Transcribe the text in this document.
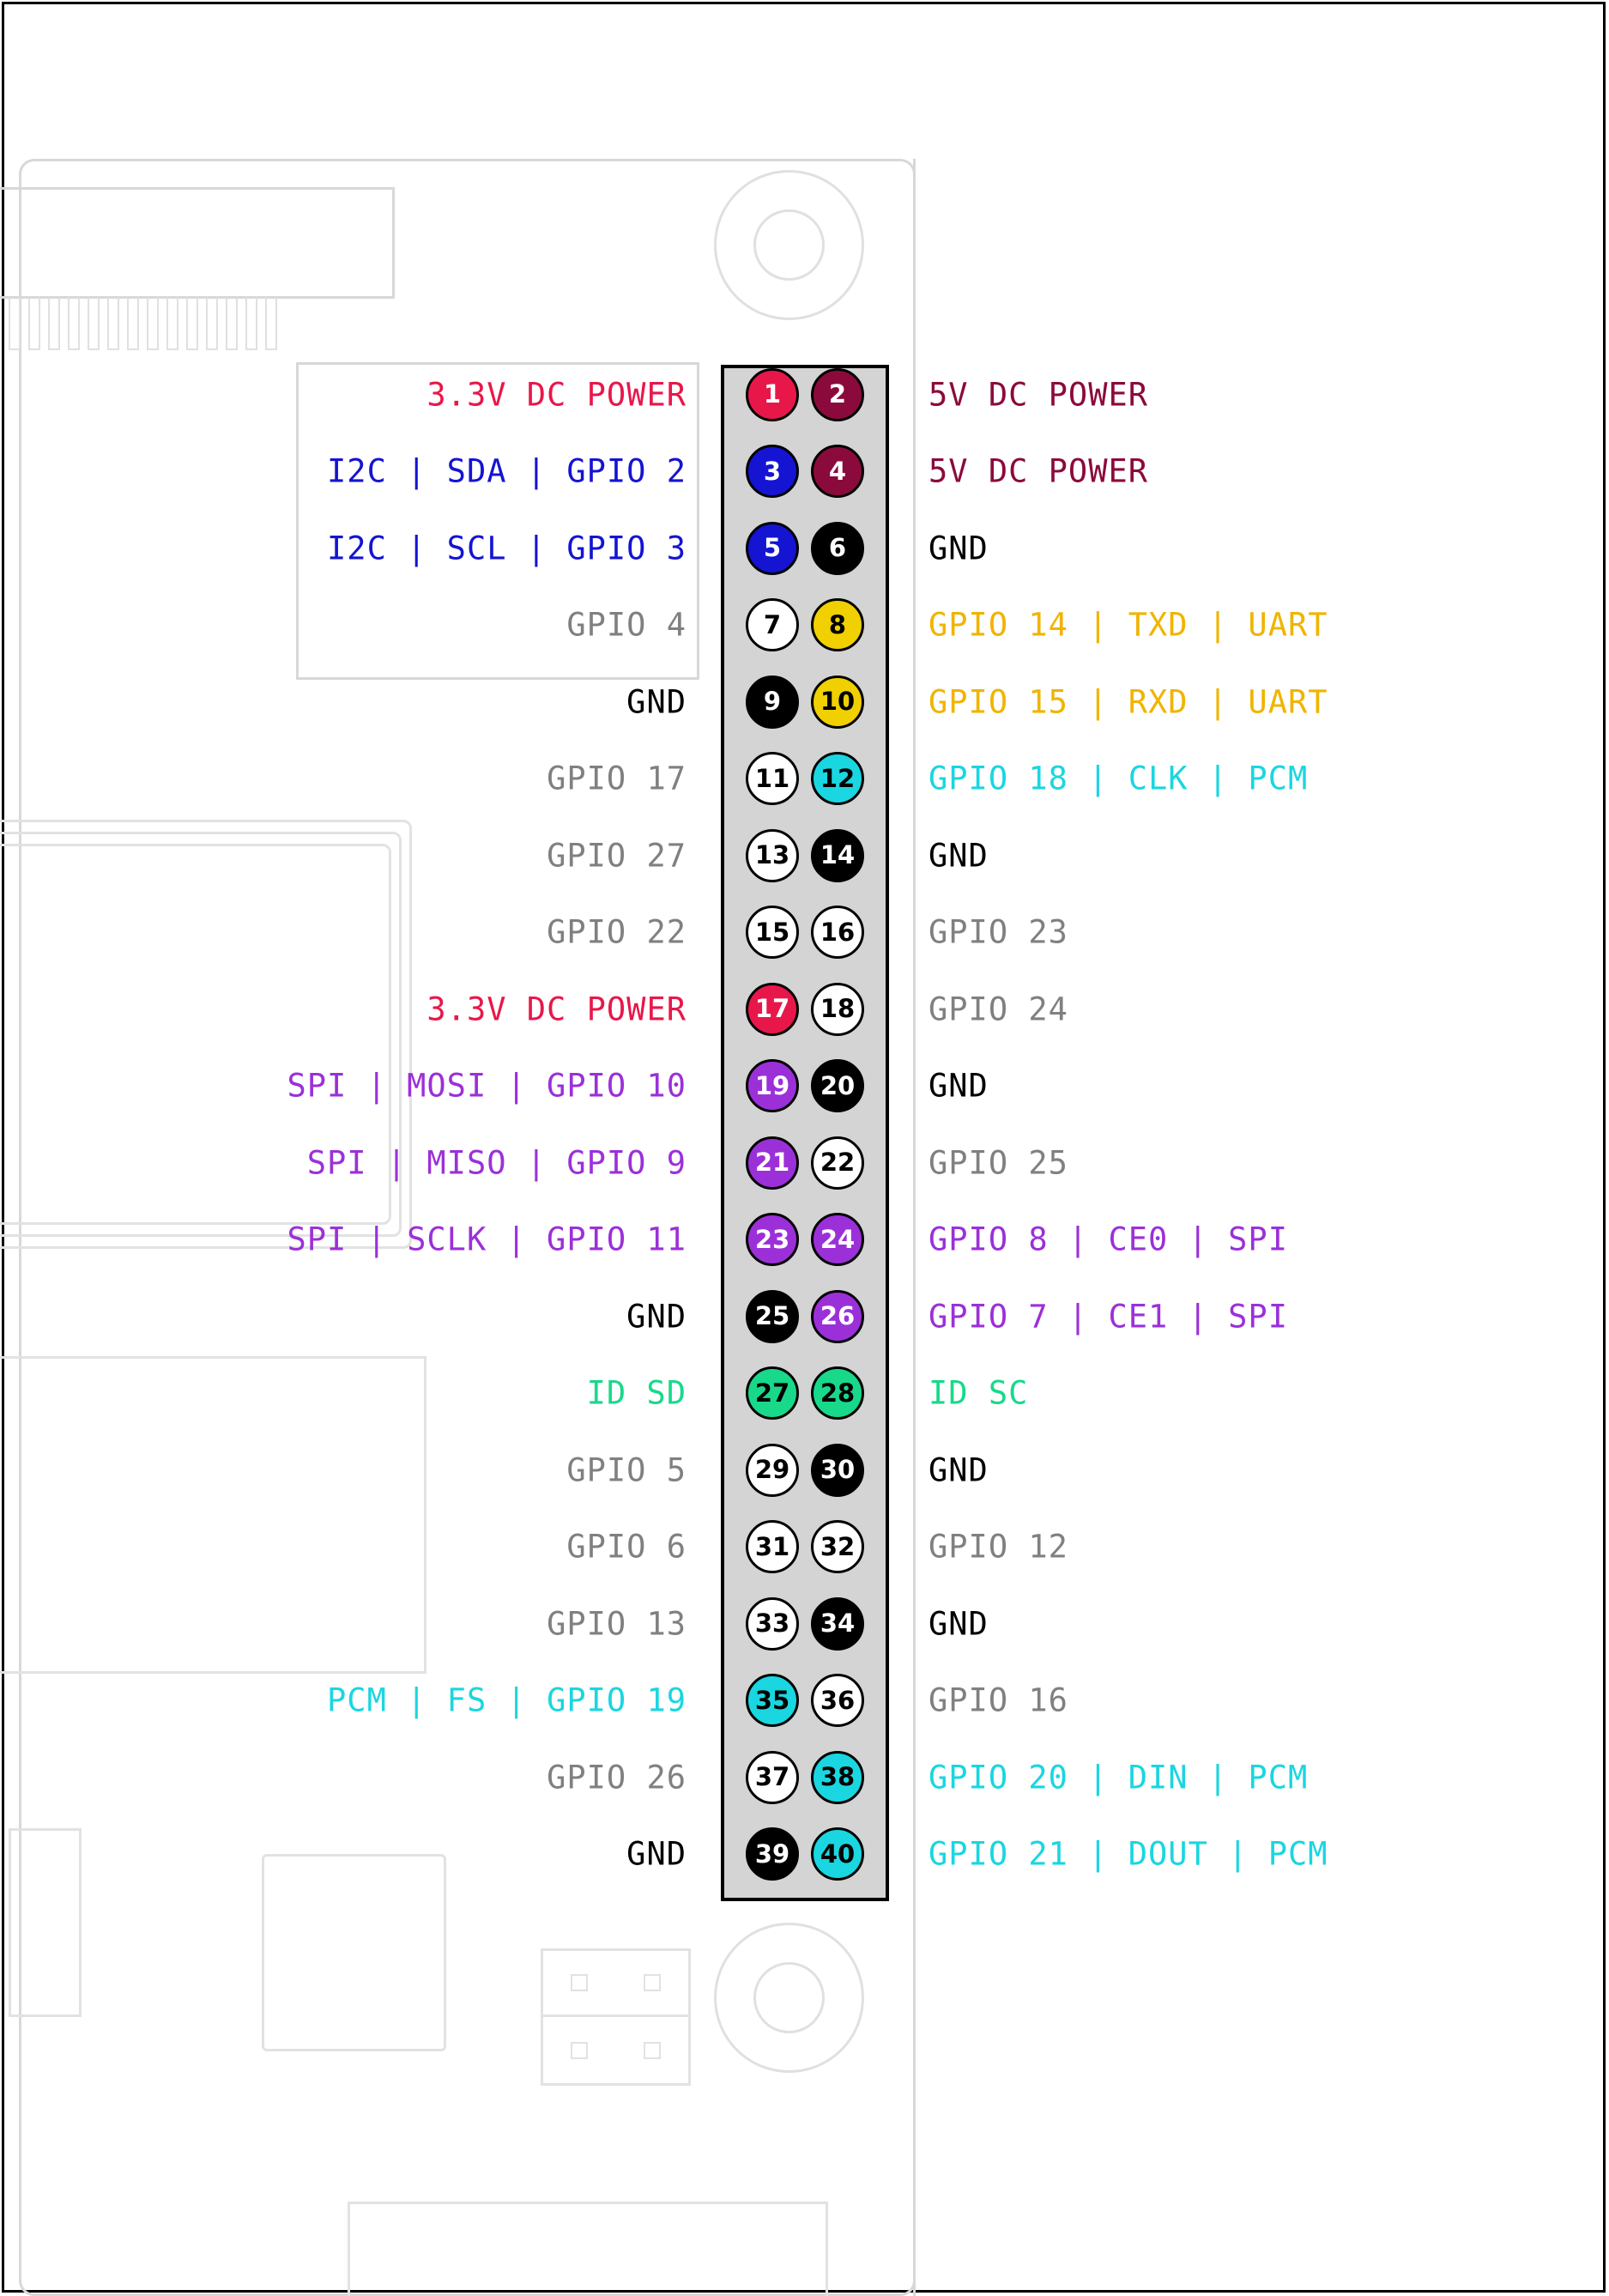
3.3V DC POWER	1	2	5V DC POWER
I2C | SDA | GPIO 2	3	4	5V DC POWER
I2C | SCL | GPIO 3	5	6	GND
GPIO 4	7	8	GPIO 14 | TXD | UART
GND	9	10 GPIO 15 | RXD | UART
GPIO 17	11	12 GPIO 18 | CLK | PCM
GPIO 27	13	14 GND
GPIO 22	15	16 GPIO 23
3.3V DC POWER	17	18 GPIO 24
SPI | MOSI | GPIO 10	19	20 GND
SPI | MISO | GPIO 9	21	22 GPIO 25
SPI | SCLK | GPIO 11	23	24 GPIO 8 | CE0 | SPI
GND	25	26 GPIO 7 | CE1 | SPI
ID SD	27	28 ID SC
GPIO 5	29	30 GND
GPIO 6	31	32 GPIO 12
GPIO 13	33	34 GND
PCM | FS | GPIO 19	35	36 GPIO 16
GPIO 26	37	38 GPIO 20 | DIN | PCM
GND	39	40 GPIO 21 | DOUT | PCM
